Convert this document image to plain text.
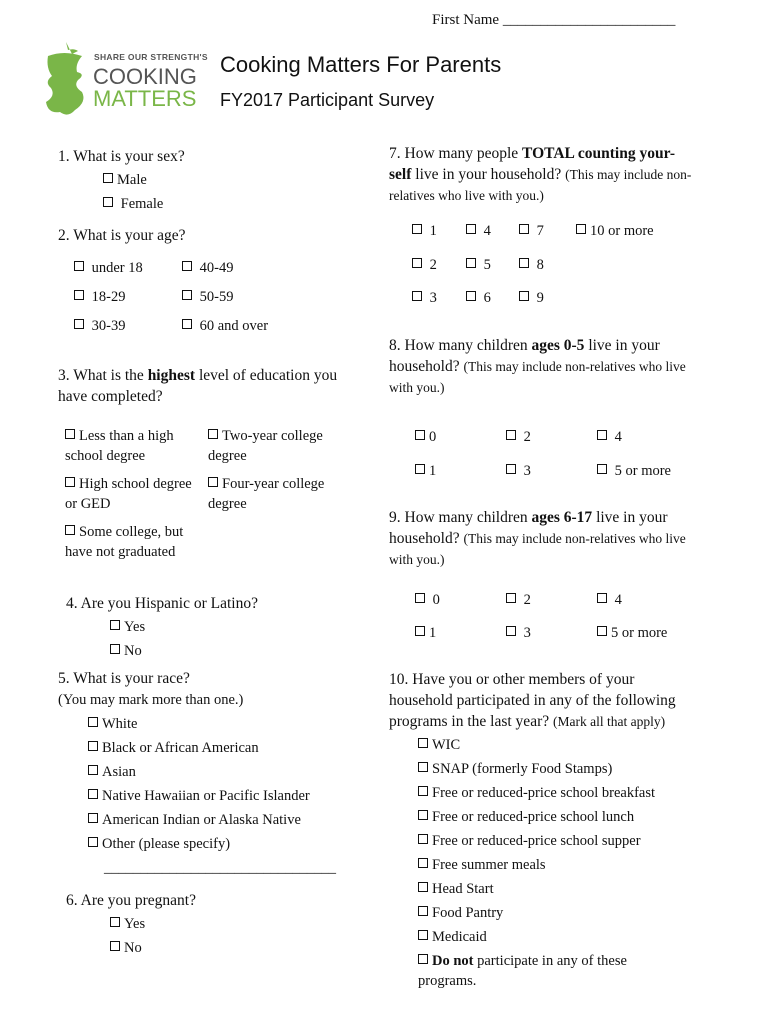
First Name _______________________
SHARE OUR STRENGTH'S
COOKING
MATTERS
Cooking Matters For Parents
FY2017 Participant Survey
1. What is your sex?
Male
Female
2. What is your age?
under 18	40-49
18-29	50-59
30-39	60 and over
3. What is the highest level of education you have completed?
Less than a high school degree
Two-year college degree
High school degree or GED
Four-year college degree
Some college, but have not graduated
4. Are you Hispanic or Latino?
Yes
No
5. What is your race?
(You may mark more than one.)
White
Black or African American
Asian
Native Hawaiian or Pacific Islander
American Indian or Alaska Native
Other (please specify)
________________________________
6. Are you pregnant?
Yes
No
7. How many people TOTAL counting your-self live in your household? (This may include non-relatives who live with you.)
1	4	7	10 or more
2	5	8
3	6	9
8. How many children ages 0-5 live in your household? (This may include non-relatives who live with you.)
0	2	4
1	3	5 or more
9. How many children ages 6-17 live in your household? (This may include non-relatives who live with you.)
0	2	4
1	3	5 or more
10. Have you or other members of your household participated in any of the following programs in the last year? (Mark all that apply)
WIC
SNAP (formerly Food Stamps)
Free or reduced-price school breakfast
Free or reduced-price school lunch
Free or reduced-price school supper
Free summer meals
Head Start
Food Pantry
Medicaid
Do not participate in any of these programs.
